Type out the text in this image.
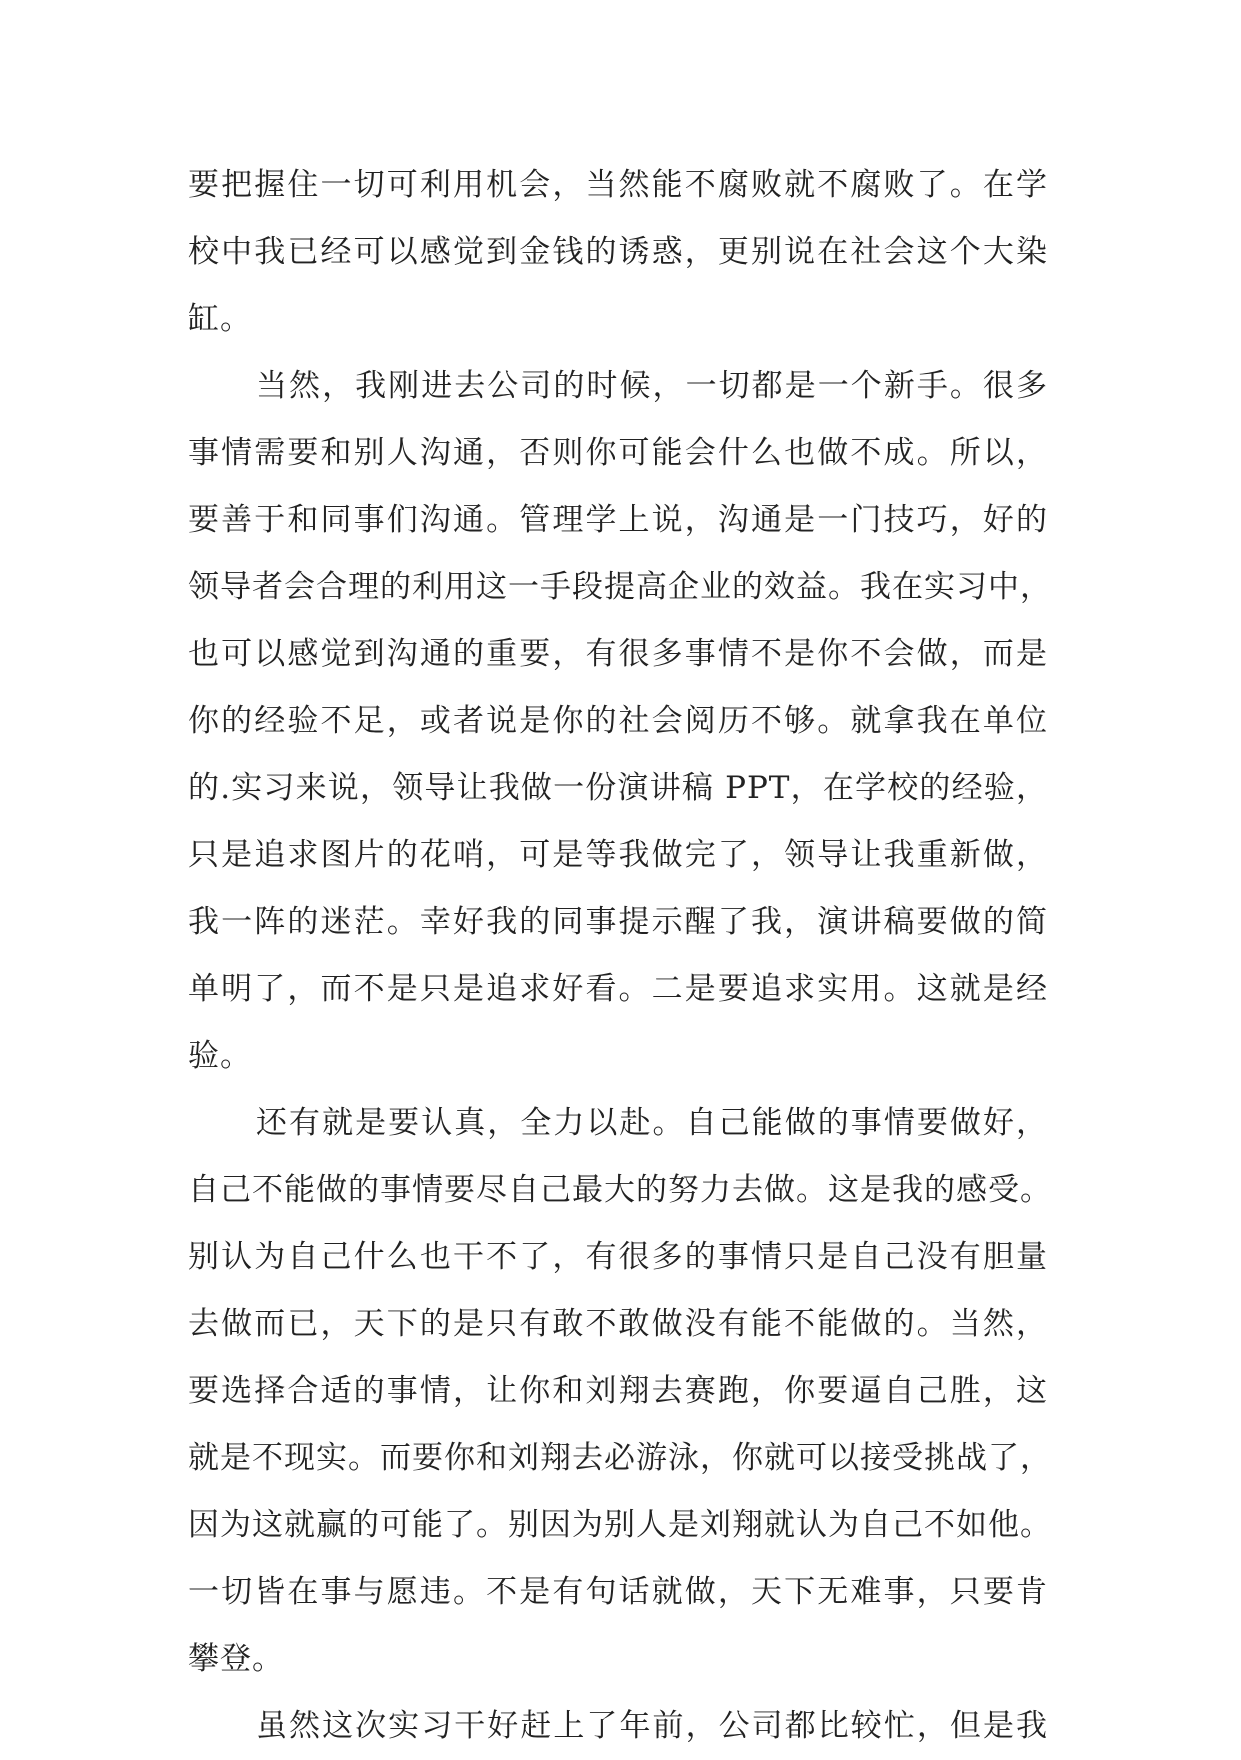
要把握住一切可利用机会，当然能不腐败就不腐败了。在学
校中我已经可以感觉到金钱的诱惑，更别说在社会这个大染
缸。
当然，我刚进去公司的时候，一切都是一个新手。很多
事情需要和别人沟通，否则你可能会什么也做不成。所以，
要善于和同事们沟通。管理学上说，沟通是一门技巧，好的
领导者会合理的利用这一手段提高企业的效益。我在实习中，
也可以感觉到沟通的重要，有很多事情不是你不会做，而是
你的经验不足，或者说是你的社会阅历不够。就拿我在单位
的.实习来说，领导让我做一份演讲稿 PPT，在学校的经验，
只是追求图片的花哨，可是等我做完了，领导让我重新做，
我一阵的迷茫。幸好我的同事提示醒了我，演讲稿要做的简
单明了，而不是只是追求好看。二是要追求实用。这就是经
验。
还有就是要认真，全力以赴。自己能做的事情要做好，
自己不能做的事情要尽自己最大的努力去做。这是我的感受。
别认为自己什么也干不了，有很多的事情只是自己没有胆量
去做而已，天下的是只有敢不敢做没有能不能做的。当然，
要选择合适的事情，让你和刘翔去赛跑，你要逼自己胜，这
就是不现实。而要你和刘翔去必游泳，你就可以接受挑战了，
因为这就赢的可能了。别因为别人是刘翔就认为自己不如他。
一切皆在事与愿违。不是有句话就做，天下无难事，只要肯
攀登。
虽然这次实习干好赶上了年前，公司都比较忙，但是我
